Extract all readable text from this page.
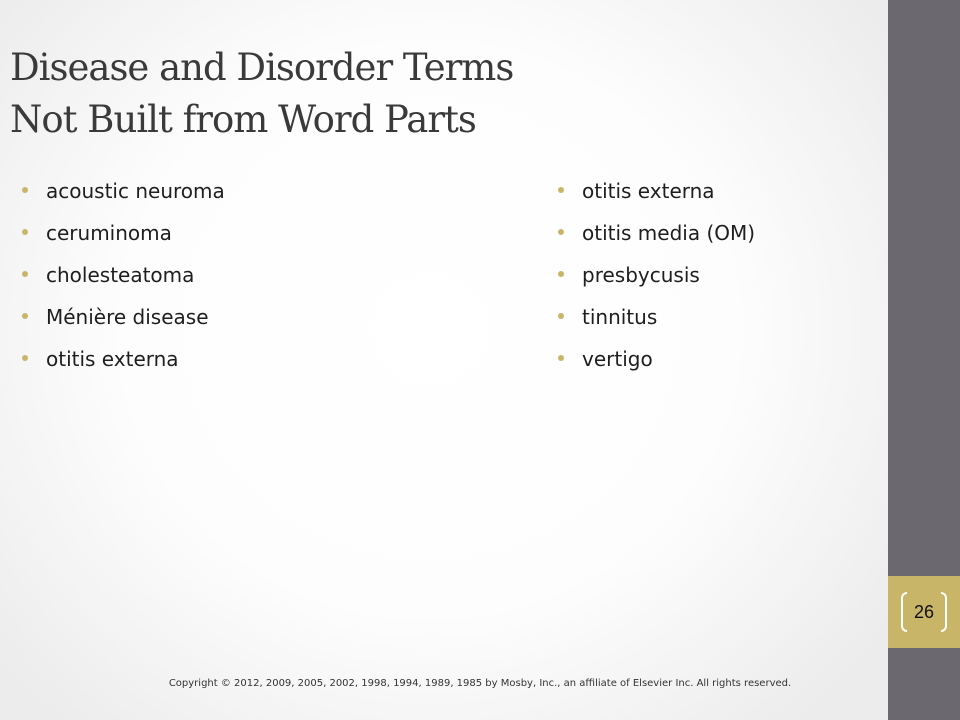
26
Disease and Disorder Terms
Not Built from Word Parts
acoustic neuroma
ceruminoma
cholesteatoma
Ménière disease
otitis externa
otitis externa
otitis media (OM)
presbycusis
tinnitus
vertigo
Copyright © 2012, 2009, 2005, 2002, 1998, 1994, 1989, 1985 by Mosby, Inc., an affiliate of Elsevier Inc. All rights reserved.
